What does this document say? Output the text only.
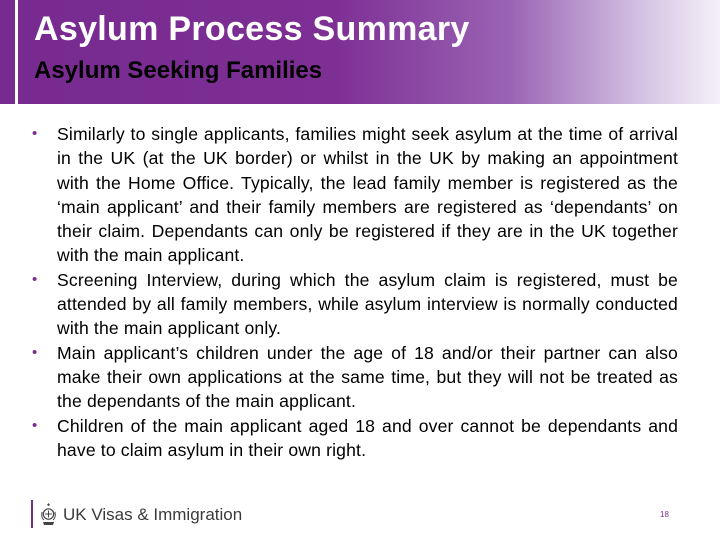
Asylum Process Summary
Asylum Seeking Families
• Similarly to single applicants, families might seek asylum at the time of arrival in the UK (at the UK border) or whilst in the UK by making an appointment with the Home Office. Typically, the lead family member is registered as the ‘main applicant’ and their family members are registered as ‘dependants’ on their claim. Dependants can only be registered if they are in the UK together with the main applicant.
• Screening Interview, during which the asylum claim is registered, must be attended by all family members, while asylum interview is normally conducted with the main applicant only.
• Main applicant’s children under the age of 18 and/or their partner can also make their own applications at the same time, but they will not be treated as the dependants of the main applicant.
• Children of the main applicant aged 18 and over cannot be dependants and have to claim asylum in their own right.

UK Visas & Immigration	18
